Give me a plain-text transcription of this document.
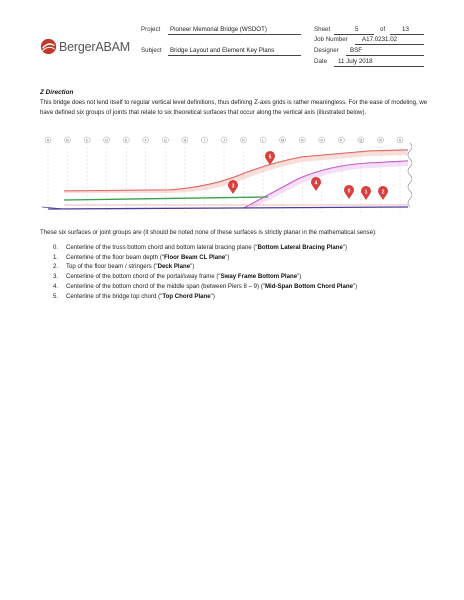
BergerABAM
Project Pioneer Memorial Bridge (WSDOT)
Subject Bridge Layout and Element Key Plans
Sheet	5	of	13
Job Number A17.0231.02
Designer BSF
Date 11 July 2018
Z Direction
This bridge does not lend itself to regular vertical level definitions, thus defining Z-axis grids is rather meaningless. For the ease of modeling, we have defined six groups of joints that relate to six theoretical surfaces that occur along the vertical axis (illustrated below).
A	B	C	D	E	F	G	H	I	J	K	L	M	N	O	P	Q	R	S
5
3	4
0	1	2
These six surfaces or joint groups are (it should be noted none of these surfaces is strictly planar in the mathematical sense):
0. Centerline of the truss bottom chord and bottom lateral bracing plane ("Bottom Lateral Bracing Plane")
1. Centerline of the floor beam depth ("Floor Beam CL Plane")
2. Top of the floor beam / stringers ("Deck Plane")
3. Centerline of the bottom chord of the portal/sway frame ("Sway Frame Bottom Plane")
4. Centerline of the bottom chord of the middle span (between Piers 8 – 9) ("Mid-Span Bottom Chord Plane")
5. Centerline of the bridge top chord ("Top Chord Plane")
